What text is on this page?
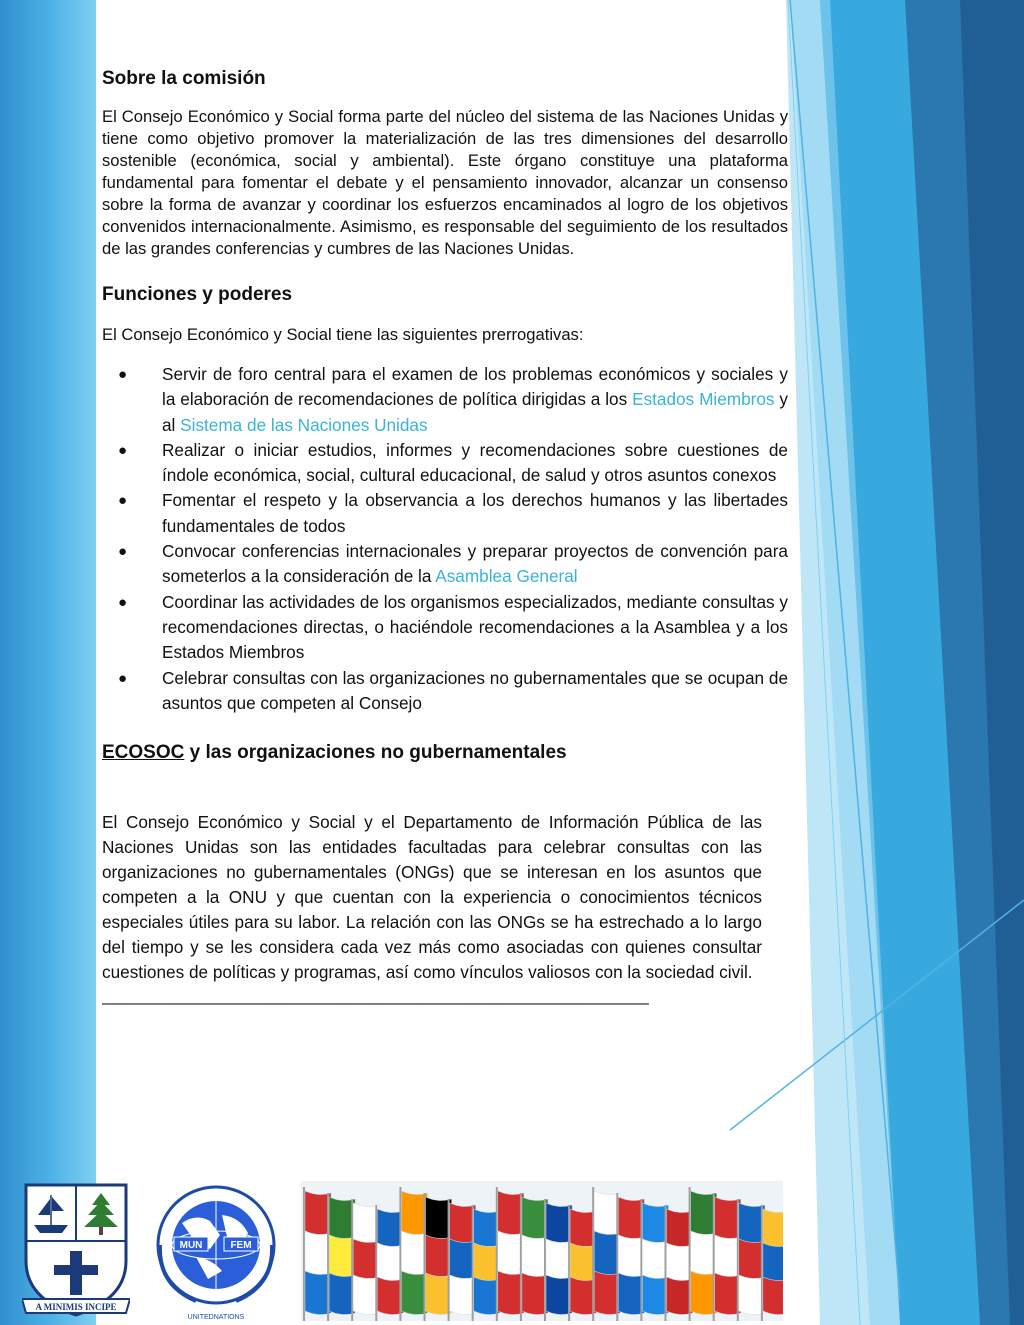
Sobre la comisión

El Consejo Económico y Social forma parte del núcleo del sistema de las Naciones Unidas y tiene como objetivo promover la materialización de las tres dimensiones del desarrollo sostenible (económica, social y ambiental). Este órgano constituye una plataforma fundamental para fomentar el debate y el pensamiento innovador, alcanzar un consenso sobre la forma de avanzar y coordinar los esfuerzos encaminados al logro de los objetivos convenidos internacionalmente. Asimismo, es responsable del seguimiento de los resultados de las grandes conferencias y cumbres de las Naciones Unidas.

Funciones y poderes

El Consejo Económico y Social tiene las siguientes prerrogativas:

● Servir de foro central para el examen de los problemas económicos y sociales y la elaboración de recomendaciones de política dirigidas a los Estados Miembros y al Sistema de las Naciones Unidas
● Realizar o iniciar estudios, informes y recomendaciones sobre cuestiones de índole económica, social, cultural educacional, de salud y otros asuntos conexos
● Fomentar el respeto y la observancia a los derechos humanos y las libertades fundamentales de todos
● Convocar conferencias internacionales y preparar proyectos de convención para someterlos a la consideración de la Asamblea General
● Coordinar las actividades de los organismos especializados, mediante consultas y recomendaciones directas, o haciéndole recomendaciones a la Asamblea y a los Estados Miembros
● Celebrar consultas con las organizaciones no gubernamentales que se ocupan de asuntos que competen al Consejo
ECOSOC y las organizaciones no gubernamentales

El Consejo Económico y Social y el Departamento de Información Pública de las Naciones Unidas son las entidades facultadas para celebrar consultas con las organizaciones no gubernamentales (ONGs) que se interesan en los asuntos que competen a la ONU y que cuentan con la experiencia o conocimientos técnicos especiales útiles para su labor. La relación con las ONGs se ha estrechado a lo largo del tiempo y se les considera cada vez más como asociadas con quienes consultar cuestiones de políticas y programas, así como vínculos valiosos con la sociedad civil.

_____________________________________________________________
A MINIMIS INCIPE
MUN	FEM
UNITEDNATIONS
